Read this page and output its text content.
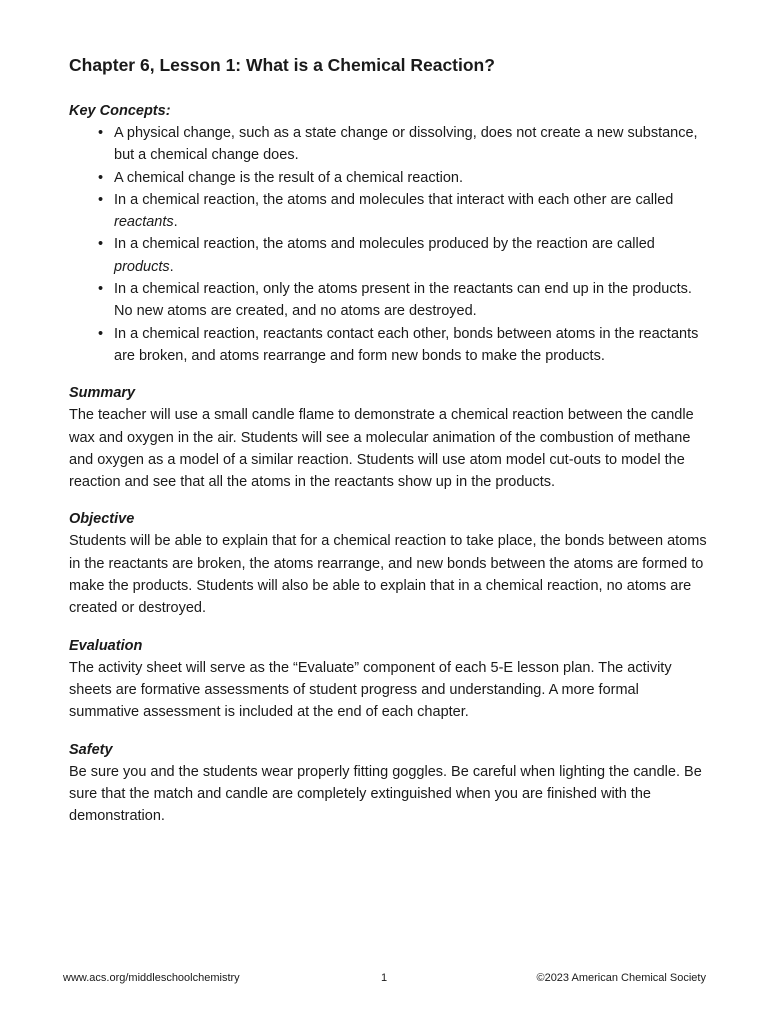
Chapter 6, Lesson 1: What is a Chemical Reaction?

Key Concepts:

• A physical change, such as a state change or dissolving, does not create a new substance, but a chemical change does.
• A chemical change is the result of a chemical reaction.
• In a chemical reaction, the atoms and molecules that interact with each other are called reactants.
• In a chemical reaction, the atoms and molecules produced by the reaction are called products.
• In a chemical reaction, only the atoms present in the reactants can end up in the products. No new atoms are created, and no atoms are destroyed.
• In a chemical reaction, reactants contact each other, bonds between atoms in the reactants are broken, and atoms rearrange and form new bonds to make the products.

Summary

The teacher will use a small candle flame to demonstrate a chemical reaction between the candle wax and oxygen in the air. Students will see a molecular animation of the combustion of methane and oxygen as a model of a similar reaction. Students will use atom model cut-outs to model the reaction and see that all the atoms in the reactants show up in the products.

Objective

Students will be able to explain that for a chemical reaction to take place, the bonds between atoms in the reactants are broken, the atoms rearrange, and new bonds between the atoms are formed to make the products. Students will also be able to explain that in a chemical reaction, no atoms are created or destroyed.

Evaluation

The activity sheet will serve as the “Evaluate” component of each 5-E lesson plan. The activity sheets are formative assessments of student progress and understanding. A more formal summative assessment is included at the end of each chapter.

Safety

Be sure you and the students wear properly fitting goggles. Be careful when lighting the candle. Be sure that the match and candle are completely extinguished when you are finished with the demonstration.

www.acs.org/middleschoolchemistry	1	©2023 American Chemical Society
